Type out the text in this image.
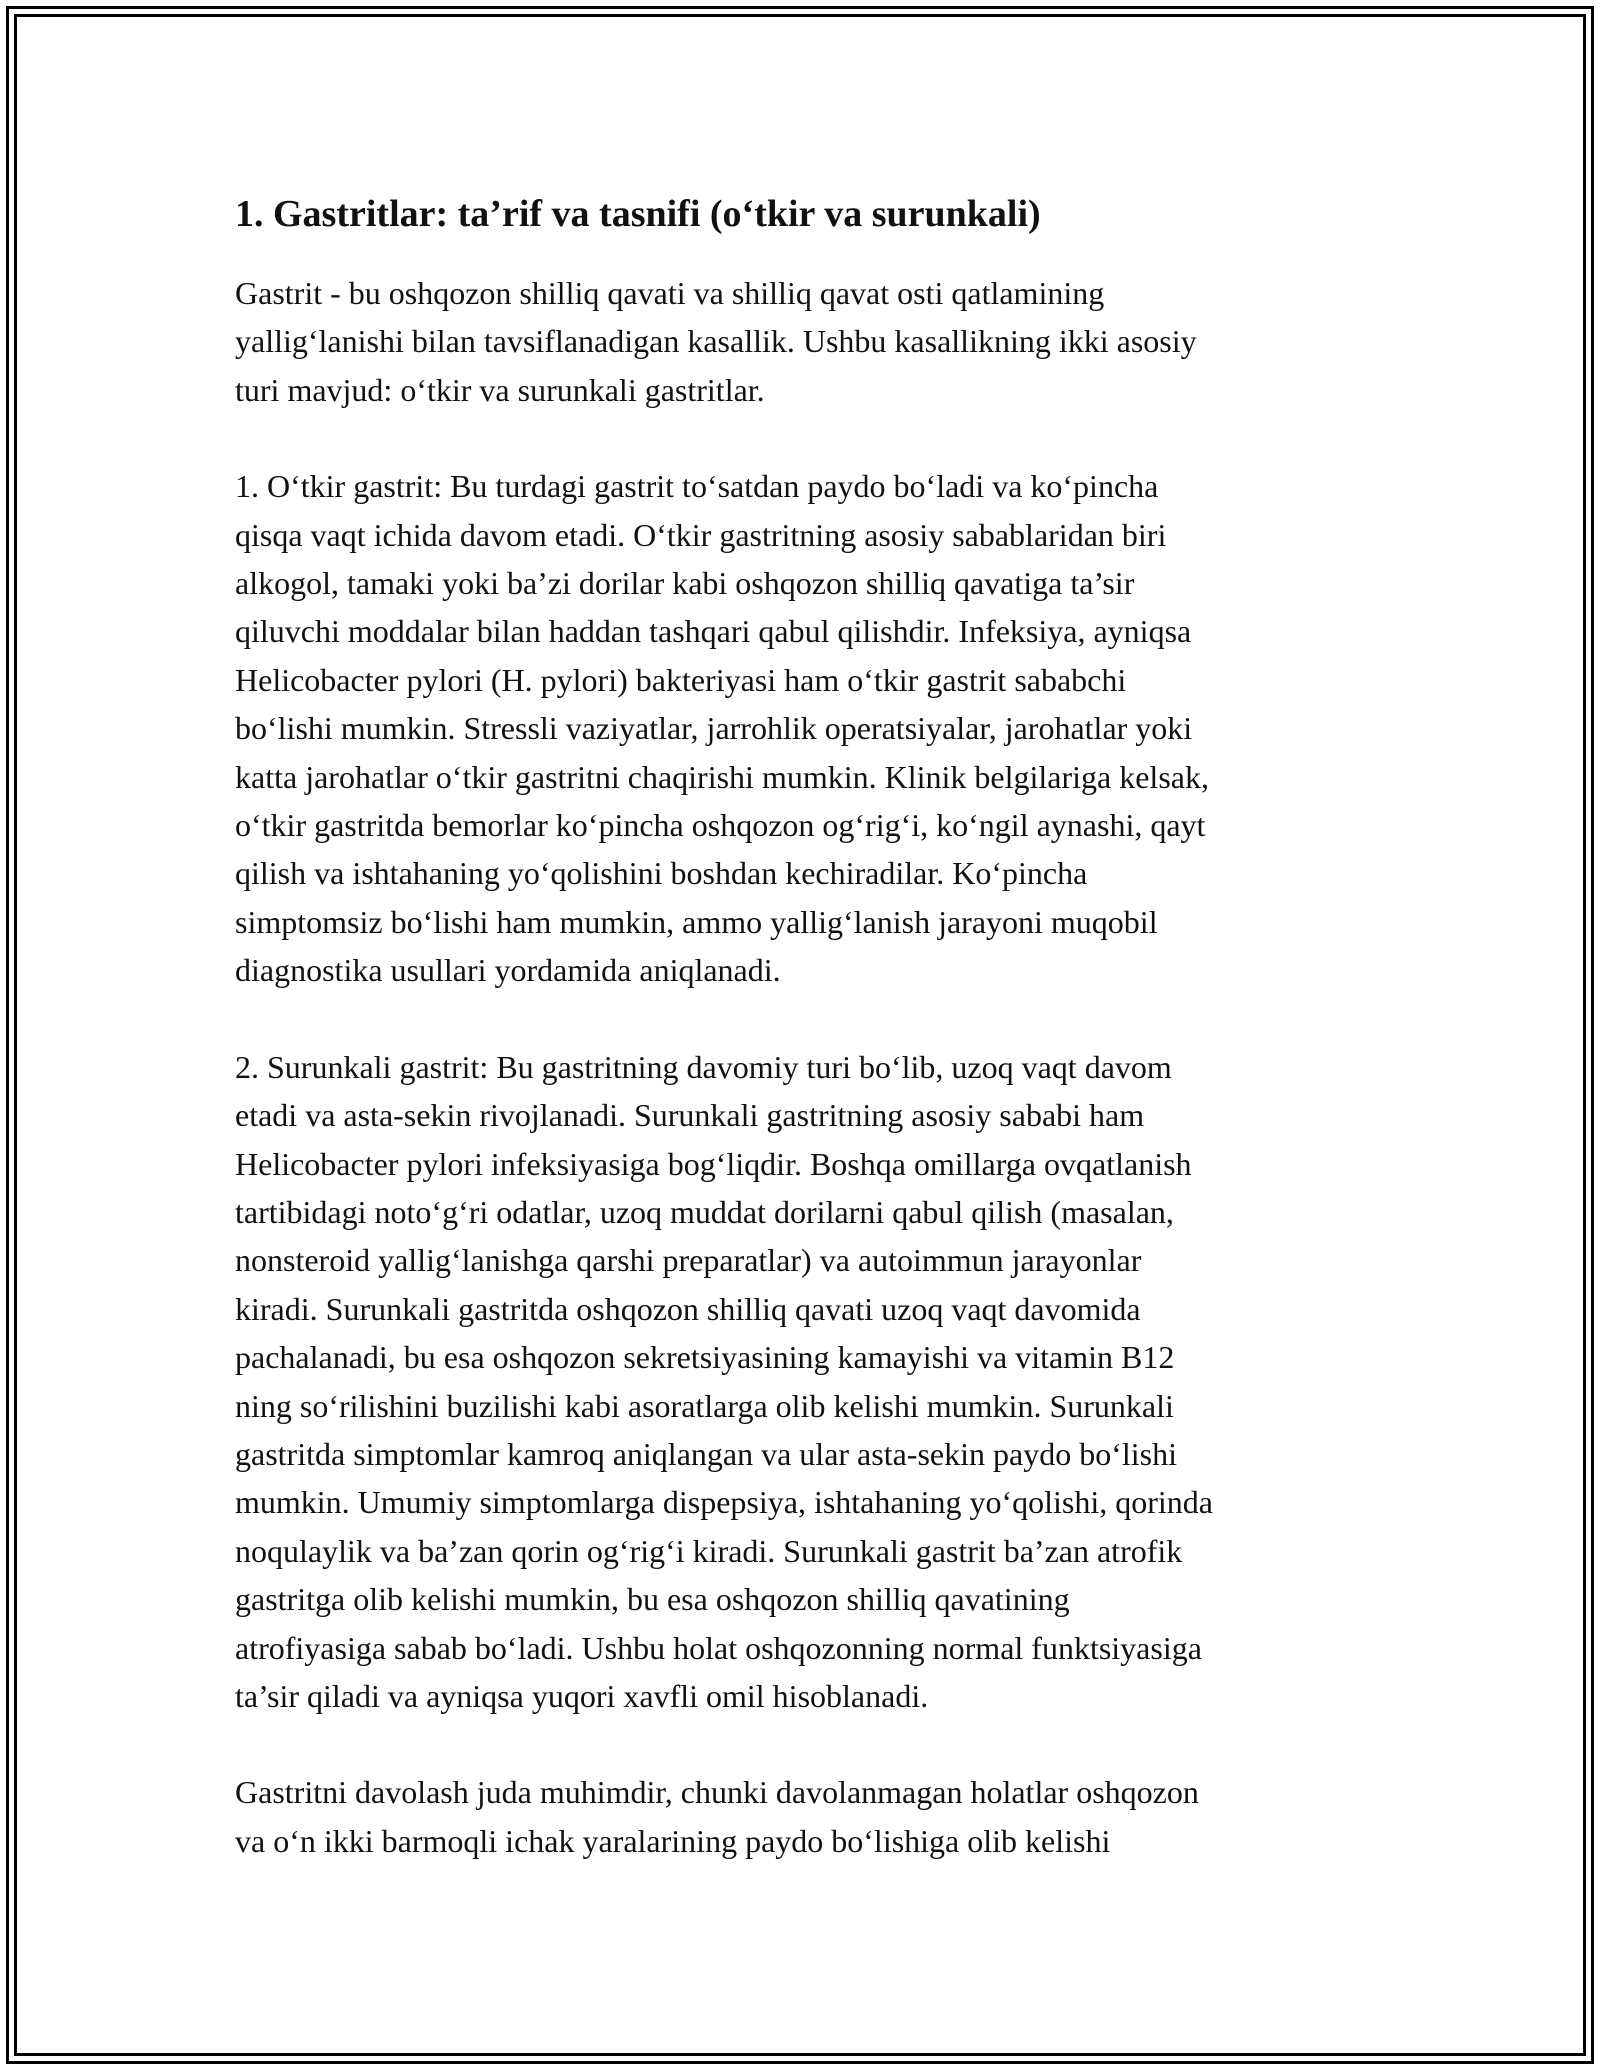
1. Gastritlar: ta’rif va tasnifi (o‘tkir va surunkali)

Gastrit - bu oshqozon shilliq qavati va shilliq qavat osti qatlamining
yallig‘lanishi bilan tavsiflanadigan kasallik. Ushbu kasallikning ikki asosiy
turi mavjud: o‘tkir va surunkali gastritlar.

1. O‘tkir gastrit: Bu turdagi gastrit to‘satdan paydo bo‘ladi va ko‘pincha
qisqa vaqt ichida davom etadi. O‘tkir gastritning asosiy sabablaridan biri
alkogol, tamaki yoki ba’zi dorilar kabi oshqozon shilliq qavatiga ta’sir
qiluvchi moddalar bilan haddan tashqari qabul qilishdir. Infeksiya, ayniqsa
Helicobacter pylori (H. pylori) bakteriyasi ham o‘tkir gastrit sababchi
bo‘lishi mumkin. Stressli vaziyatlar, jarrohlik operatsiyalar, jarohatlar yoki
katta jarohatlar o‘tkir gastritni chaqirishi mumkin. Klinik belgilariga kelsak,
o‘tkir gastritda bemorlar ko‘pincha oshqozon og‘rig‘i, ko‘ngil aynashi, qayt
qilish va ishtahaning yo‘qolishini boshdan kechiradilar. Ko‘pincha
simptomsiz bo‘lishi ham mumkin, ammo yallig‘lanish jarayoni muqobil
diagnostika usullari yordamida aniqlanadi.

2. Surunkali gastrit: Bu gastritning davomiy turi bo‘lib, uzoq vaqt davom
etadi va asta-sekin rivojlanadi. Surunkali gastritning asosiy sababi ham
Helicobacter pylori infeksiyasiga bog‘liqdir. Boshqa omillarga ovqatlanish
tartibidagi noto‘g‘ri odatlar, uzoq muddat dorilarni qabul qilish (masalan,
nonsteroid yallig‘lanishga qarshi preparatlar) va autoimmun jarayonlar
kiradi. Surunkali gastritda oshqozon shilliq qavati uzoq vaqt davomida
pachalanadi, bu esa oshqozon sekretsiyasining kamayishi va vitamin B12
ning so‘rilishini buzilishi kabi asoratlarga olib kelishi mumkin. Surunkali
gastritda simptomlar kamroq aniqlangan va ular asta-sekin paydo bo‘lishi
mumkin. Umumiy simptomlarga dispepsiya, ishtahaning yo‘qolishi, qorinda
noqulaylik va ba’zan qorin og‘rig‘i kiradi. Surunkali gastrit ba’zan atrofik
gastritga olib kelishi mumkin, bu esa oshqozon shilliq qavatining
atrofiyasiga sabab bo‘ladi. Ushbu holat oshqozonning normal funktsiyasiga
ta’sir qiladi va ayniqsa yuqori xavfli omil hisoblanadi.

Gastritni davolash juda muhimdir, chunki davolanmagan holatlar oshqozon
va o‘n ikki barmoqli ichak yaralarining paydo bo‘lishiga olib kelishi
